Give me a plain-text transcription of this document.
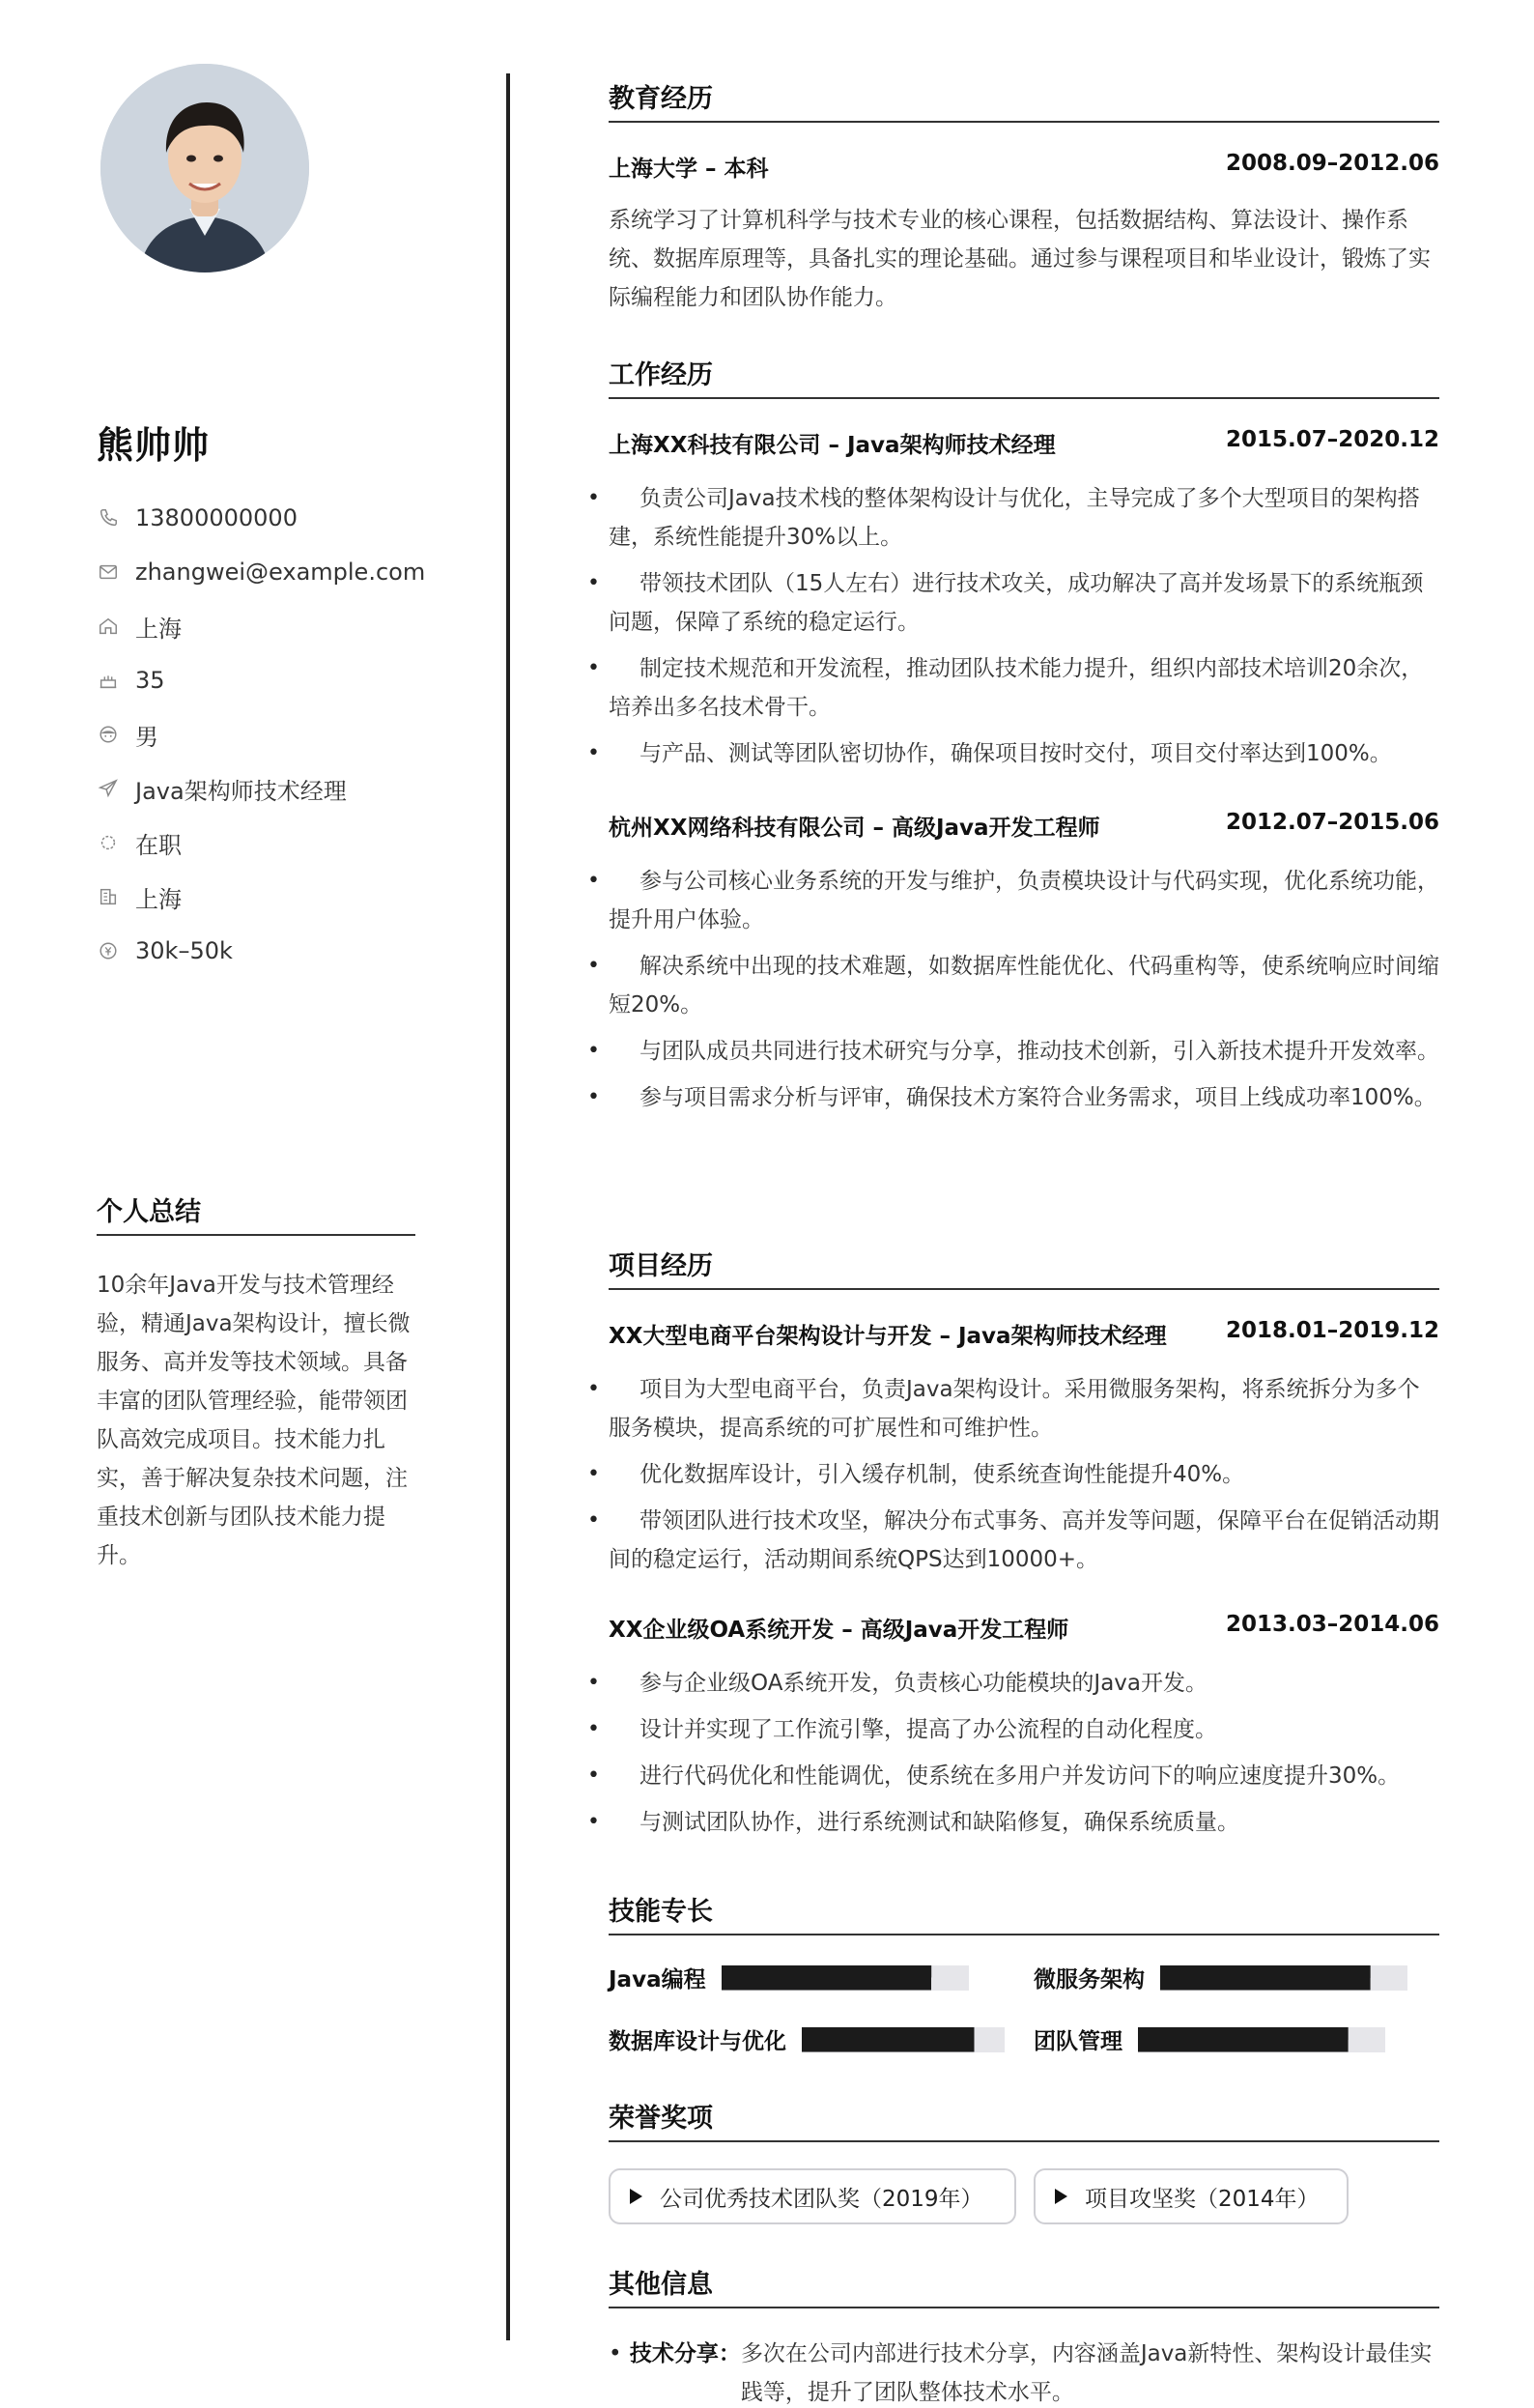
熊帅帅
13800000000
zhangwei@example.com
上海
35
男
Java架构师技术经理
在职
上海
30k–50k
个人总结
10余年Java开发与技术管理经验，精通Java架构设计，擅长微服务、高并发等技术领域。具备丰富的团队管理经验，能带领团队高效完成项目。技术能力扎实，善于解决复杂技术问题，注重技术创新与团队技术能力提升。
教育经历
上海大学 – 本科	2008.09–2012.06
系统学习了计算机科学与技术专业的核心课程，包括数据结构、算法设计、操作系统、数据库原理等，具备扎实的理论基础。通过参与课程项目和毕业设计，锻炼了实际编程能力和团队协作能力。
工作经历
上海XX科技有限公司 – Java架构师技术经理	2015.07–2020.12
• 负责公司Java技术栈的整体架构设计与优化，主导完成了多个大型项目的架构搭建，系统性能提升30%以上。
• 带领技术团队（15人左右）进行技术攻关，成功解决了高并发场景下的系统瓶颈问题，保障了系统的稳定运行。
• 制定技术规范和开发流程，推动团队技术能力提升，组织内部技术培训20余次，培养出多名技术骨干。
• 与产品、测试等团队密切协作，确保项目按时交付，项目交付率达到100%。
杭州XX网络科技有限公司 – 高级Java开发工程师	2012.07–2015.06
• 参与公司核心业务系统的开发与维护，负责模块设计与代码实现，优化系统功能，提升用户体验。
• 解决系统中出现的技术难题，如数据库性能优化、代码重构等，使系统响应时间缩短20%。
• 与团队成员共同进行技术研究与分享，推动技术创新，引入新技术提升开发效率。
• 参与项目需求分析与评审，确保技术方案符合业务需求，项目上线成功率100%。
项目经历
XX大型电商平台架构设计与开发 – Java架构师技术经理	2018.01–2019.12
• 项目为大型电商平台，负责Java架构设计。采用微服务架构，将系统拆分为多个服务模块，提高系统的可扩展性和可维护性。
• 优化数据库设计，引入缓存机制，使系统查询性能提升40%。
• 带领团队进行技术攻坚，解决分布式事务、高并发等问题，保障平台在促销活动期间的稳定运行，活动期间系统QPS达到10000+。
XX企业级OA系统开发 – 高级Java开发工程师	2013.03–2014.06
• 参与企业级OA系统开发，负责核心功能模块的Java开发。
• 设计并实现了工作流引擎，提高了办公流程的自动化程度。
• 进行代码优化和性能调优，使系统在多用户并发访问下的响应速度提升30%。
• 与测试团队协作，进行系统测试和缺陷修复，确保系统质量。
技能专长
Java编程	微服务架构
数据库设计与优化	团队管理
荣誉奖项
公司优秀技术团队奖（2019年）	项目攻坚奖（2014年）
其他信息
• 技术分享： 多次在公司内部进行技术分享，内容涵盖Java新特性、架构设计最佳实践等，提升了团队整体技术水平。
